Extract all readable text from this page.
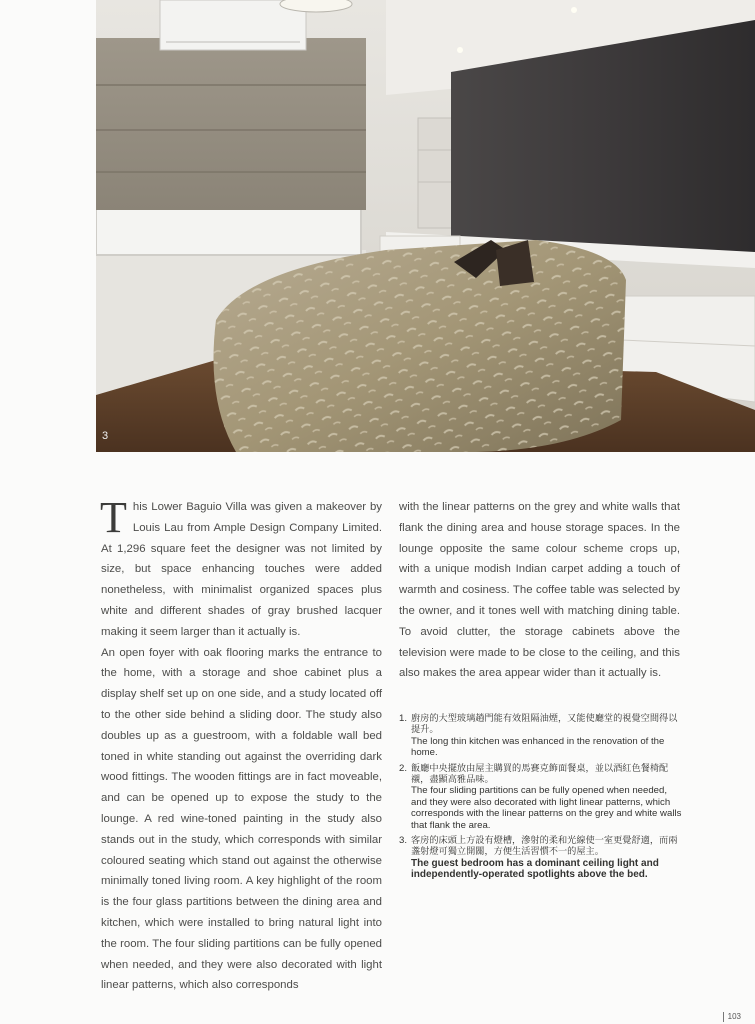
3

This Lower Baguio Villa was given a makeover by Louis Lau from Ample Design Company Limited. At 1,296 square feet the designer was not limited by size, but space enhancing touches were added nonetheless, with minimalist organized spaces plus white and different shades of gray brushed lacquer making it seem larger than it actually is.

An open foyer with oak flooring marks the entrance to the home, with a storage and shoe cabinet plus a display shelf set up on one side, and a study located off to the other side behind a sliding door. The study also doubles up as a guestroom, with a foldable wall bed toned in white standing out against the overriding dark wood fittings. The wooden fittings are in fact moveable, and can be opened up to expose the study to the lounge. A red wine-toned painting in the study also stands out in the study, which corresponds with similar coloured seating which stand out against the otherwise minimally toned living room. A key highlight of the room is the four glass partitions between the dining area and kitchen, which were installed to bring natural light into the room. The four sliding partitions can be fully opened when needed, and they were also decorated with light linear patterns, which also corresponds

with the linear patterns on the grey and white walls that flank the dining area and house storage spaces. In the lounge opposite the same colour scheme crops up, with a unique modish Indian carpet adding a touch of warmth and cosiness. The coffee table was selected by the owner, and it tones well with matching dining table. To avoid clutter, the storage cabinets above the television were made to be close to the ceiling, and this also makes the area appear wider than it actually is.

1. 廚房的大型玻璃趟門能有效阻隔油煙，又能使廳堂的視覺空間得以提升。
The long thin kitchen was enhanced in the renovation of the home.
2. 飯廳中央擺放由屋主購買的馬賽克飾面餐桌，並以酒紅色餐椅配襯，盡顯高雅品味。
The four sliding partitions can be fully opened when needed, and they were also decorated with light linear patterns, which corresponds with the linear patterns on the grey and white walls that flank the area.
3. 客房的床頭上方設有燈槽，滲射的柔和光線使一室更覺舒適，而兩盞射燈可獨立開關，方便生活習慣不一的屋主。
The guest bedroom has a dominant ceiling light and independently-operated spotlights above the bed.
103
